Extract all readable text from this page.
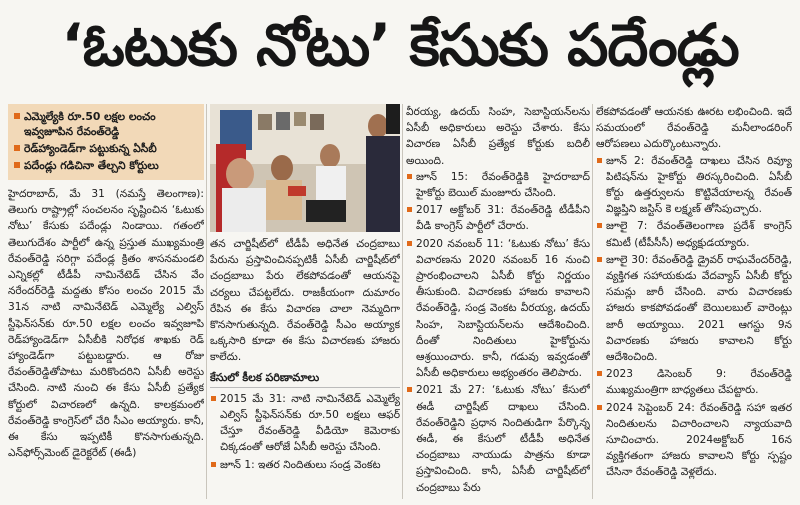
‘ఓటుకు నోటు’ కేసుకు పదేండ్లు

ఎమ్మెల్యేకి రూ.50 లక్షల లంచం ఇవ్వజూపిన రేవంత్‌రెడ్డి

రెడ్‌హ్యాండెడ్‌గా పట్టుకున్న ఏసీబీ

పదేండ్లు గడిచినా తేల్చని కోర్టులు

హైదరాబాద్‌, మే 31 (నమస్తే తెలంగాణ): తెలుగు రాష్ట్రాల్లో సంచలనం సృష్టించిన ‘ఓటుకు నోటు’ కేసుకు పదేండ్లు నిండాయి. గతంలో తెలుగుదేశం పార్టీలో ఉన్న ప్రస్తుత ముఖ్యమంత్రి రేవంత్‌రెడ్డి సరిగ్గా పదేండ్ల క్రితం శాసనమండలి ఎన్నికల్లో టీడీపీ నామినేటెడ్‌ చేసిన వేం నరేందర్‌రెడ్డి మద్దతు కోసం లంచం 2015 మే 31న నాటి నామినేటెడ్‌ ఎమ్మెల్యే ఎల్విస్‌ స్టీఫెన్‌సన్‌కు రూ.50 లక్షల లంచం ఇవ్వజూపి రెడ్‌హ్యాండెడ్‌గా ఏసీబీకి నిరోధక శాఖకు రెడ్‌ హ్యాండెడ్‌గా పట్టుబడ్డారు. ఆ రోజు రేవంత్‌రెడ్డితోపాటు మరికొందరిని ఏసీబీ అరెస్టు చేసింది. నాటి నుంచి ఈ కేసు ఏసీబీ ప్రత్యేక కోర్టులో విచారణలో ఉన్నది. కాలక్రమంలో రేవంత్‌రెడ్డి కాంగ్రెస్‌లో చేరి సీఎం అయ్యారు. కానీ, ఈ కేసు ఇప్పటికీ కొనసాగుతున్నది. ఎన్‌ఫోర్స్‌మెంట్‌ డైరెక్టరేట్‌ (ఈడీ)

తన చార్జిషీట్‌లో టీడీపీ అధినేత చంద్రబాబు పేరును ప్రస్తావించినప్పటికీ ఏసీబీ చార్జిషీట్‌లో చంద్రబాబు పేరు లేకపోవడంతో ఆయనపై చర్యలు చేపట్టలేదు. రాజకీయంగా దుమారం రేపిన ఈ కేసు విచారణ చాలా నెమ్మదిగా కొనసాగుతున్నది. రేవంత్‌రెడ్డి సీఎం అయ్యాక ఒక్కసారి కూడా ఈ కేసు విచారణకు హాజరు కాలేదు.

కేసులో కీలక పరిణామాలు

2015 మే 31: నాటి నామినేటెడ్‌ ఎమ్మెల్యే ఎల్విస్‌ స్టీఫెన్‌సన్‌కు రూ.50 లక్షలు ఆఫర్‌ చేస్తూ రేవంత్‌రెడ్డి వీడియో కెమెరాకు చిక్కడంతో ఆరోజే ఏసీబీ అరెస్టు చేసింది.

జూన్‌ 1: ఇతర నిందితులు సండ్ర వెంకట

వీరయ్య, ఉదయ్‌ సింహ, సెబాస్టియన్‌లను ఏసీబీ అధికారులు అరెస్టు చేశారు. కేసు విచారణ ఏసీబీ ప్రత్యేక కోర్టుకు బదిలీ అయింది.

జూన్‌ 15: రేవంత్‌రెడ్డికి హైదరాబాద్‌ హైకోర్టు బెయిల్‌ మంజూరు చేసింది.

2017 అక్టోబర్‌ 31: రేవంత్‌రెడ్డి టీడీపీని వీడి కాంగ్రెస్‌ పార్టీలో చేరారు.

2020 నవంబర్‌ 11: ‘ఓటుకు నోటు’ కేసు విచారణను 2020 నవంబర్‌ 16 నుంచి ప్రారంభించాలని ఏసీబీ కోర్టు నిర్ణయం తీసుకుంది. విచారణకు హాజరు కావాలని రేవంత్‌రెడ్డి, సండ్ర వెంకట వీరయ్య, ఉదయ్‌ సింహ, సెబాస్టియన్‌లను ఆదేశించింది. దీంతో నిందితులు హైకోర్టును ఆశ్రయించారు. కానీ, గడువు ఇవ్వడంతో ఏసీబీ అధికారులు అభ్యంతరం తెలిపారు.

2021 మే 27: ‘ఓటుకు నోటు’ కేసులో ఈడీ చార్జిషీట్‌ దాఖలు చేసింది. రేవంత్‌రెడ్డిని ప్రధాన నిందితుడిగా పేర్కొన్న ఈడీ, ఈ కేసులో టీడీపీ అధినేత చంద్రబాబు నాయుడు పాత్రను కూడా ప్రస్తావించింది. కానీ, ఏసీబీ చార్జిషీట్‌లో చంద్రబాబు పేరు

లేకపోవడంతో ఆయనకు ఊరట లభించింది. ఇదే సమయంలో రేవంత్‌రెడ్డి మనీలాండరింగ్‌ ఆరోపణలు ఎదుర్కొంటున్నారు.

జూన్‌ 2: రేవంత్‌రెడ్డి దాఖలు చేసిన రివ్యూ పిటిషన్‌ను హైకోర్టు తిరస్కరించింది. ఏసీబీ కోర్టు ఉత్తర్వులను కొట్టివేయాలన్న రేవంత్‌ విజ్ఞప్తిని జస్టిస్‌ కె లక్ష్మణ్‌ తోసిపుచ్చారు.

జూలై 7: రేవంత్‌తెలంగాణ ప్రదేశ్‌ కాంగ్రెస్‌ కమిటీ (టీపీసీసీ) అధ్యక్షుడయ్యారు.

జూలై 30: రేవంత్‌రెడ్డి డ్రైవర్‌ రాఘవేందర్‌రెడ్డి, వ్యక్తిగత సహాయకుడు వేదవ్యాస్‌ ఏసీబీ కోర్టు సమన్లు జారీ చేసింది. వారు విచారణకు హాజరు కాకపోవడంతో బెయిలబుల్‌ వారెంట్లు జారీ అయ్యాయి. 2021 ఆగస్టు 9న విచారణకు హాజరు కావాలని కోర్టు ఆదేశించింది.

2023 డిసెంబర్‌ 9: రేవంత్‌రెడ్డి ముఖ్యమంత్రిగా బాధ్యతలు చేపట్టారు.

2024 సెప్టెంబర్‌ 24: రేవంత్‌రెడ్డి సహా ఇతర నిందితులను విచారించాలని న్యాయవాది సూచించారు. 2024అక్టోబర్‌ 16న వ్యక్తిగతంగా హాజరు కావాలని కోర్టు స్పష్టం చేసినా రేవంత్‌రెడ్డి వెళ్లలేదు.
